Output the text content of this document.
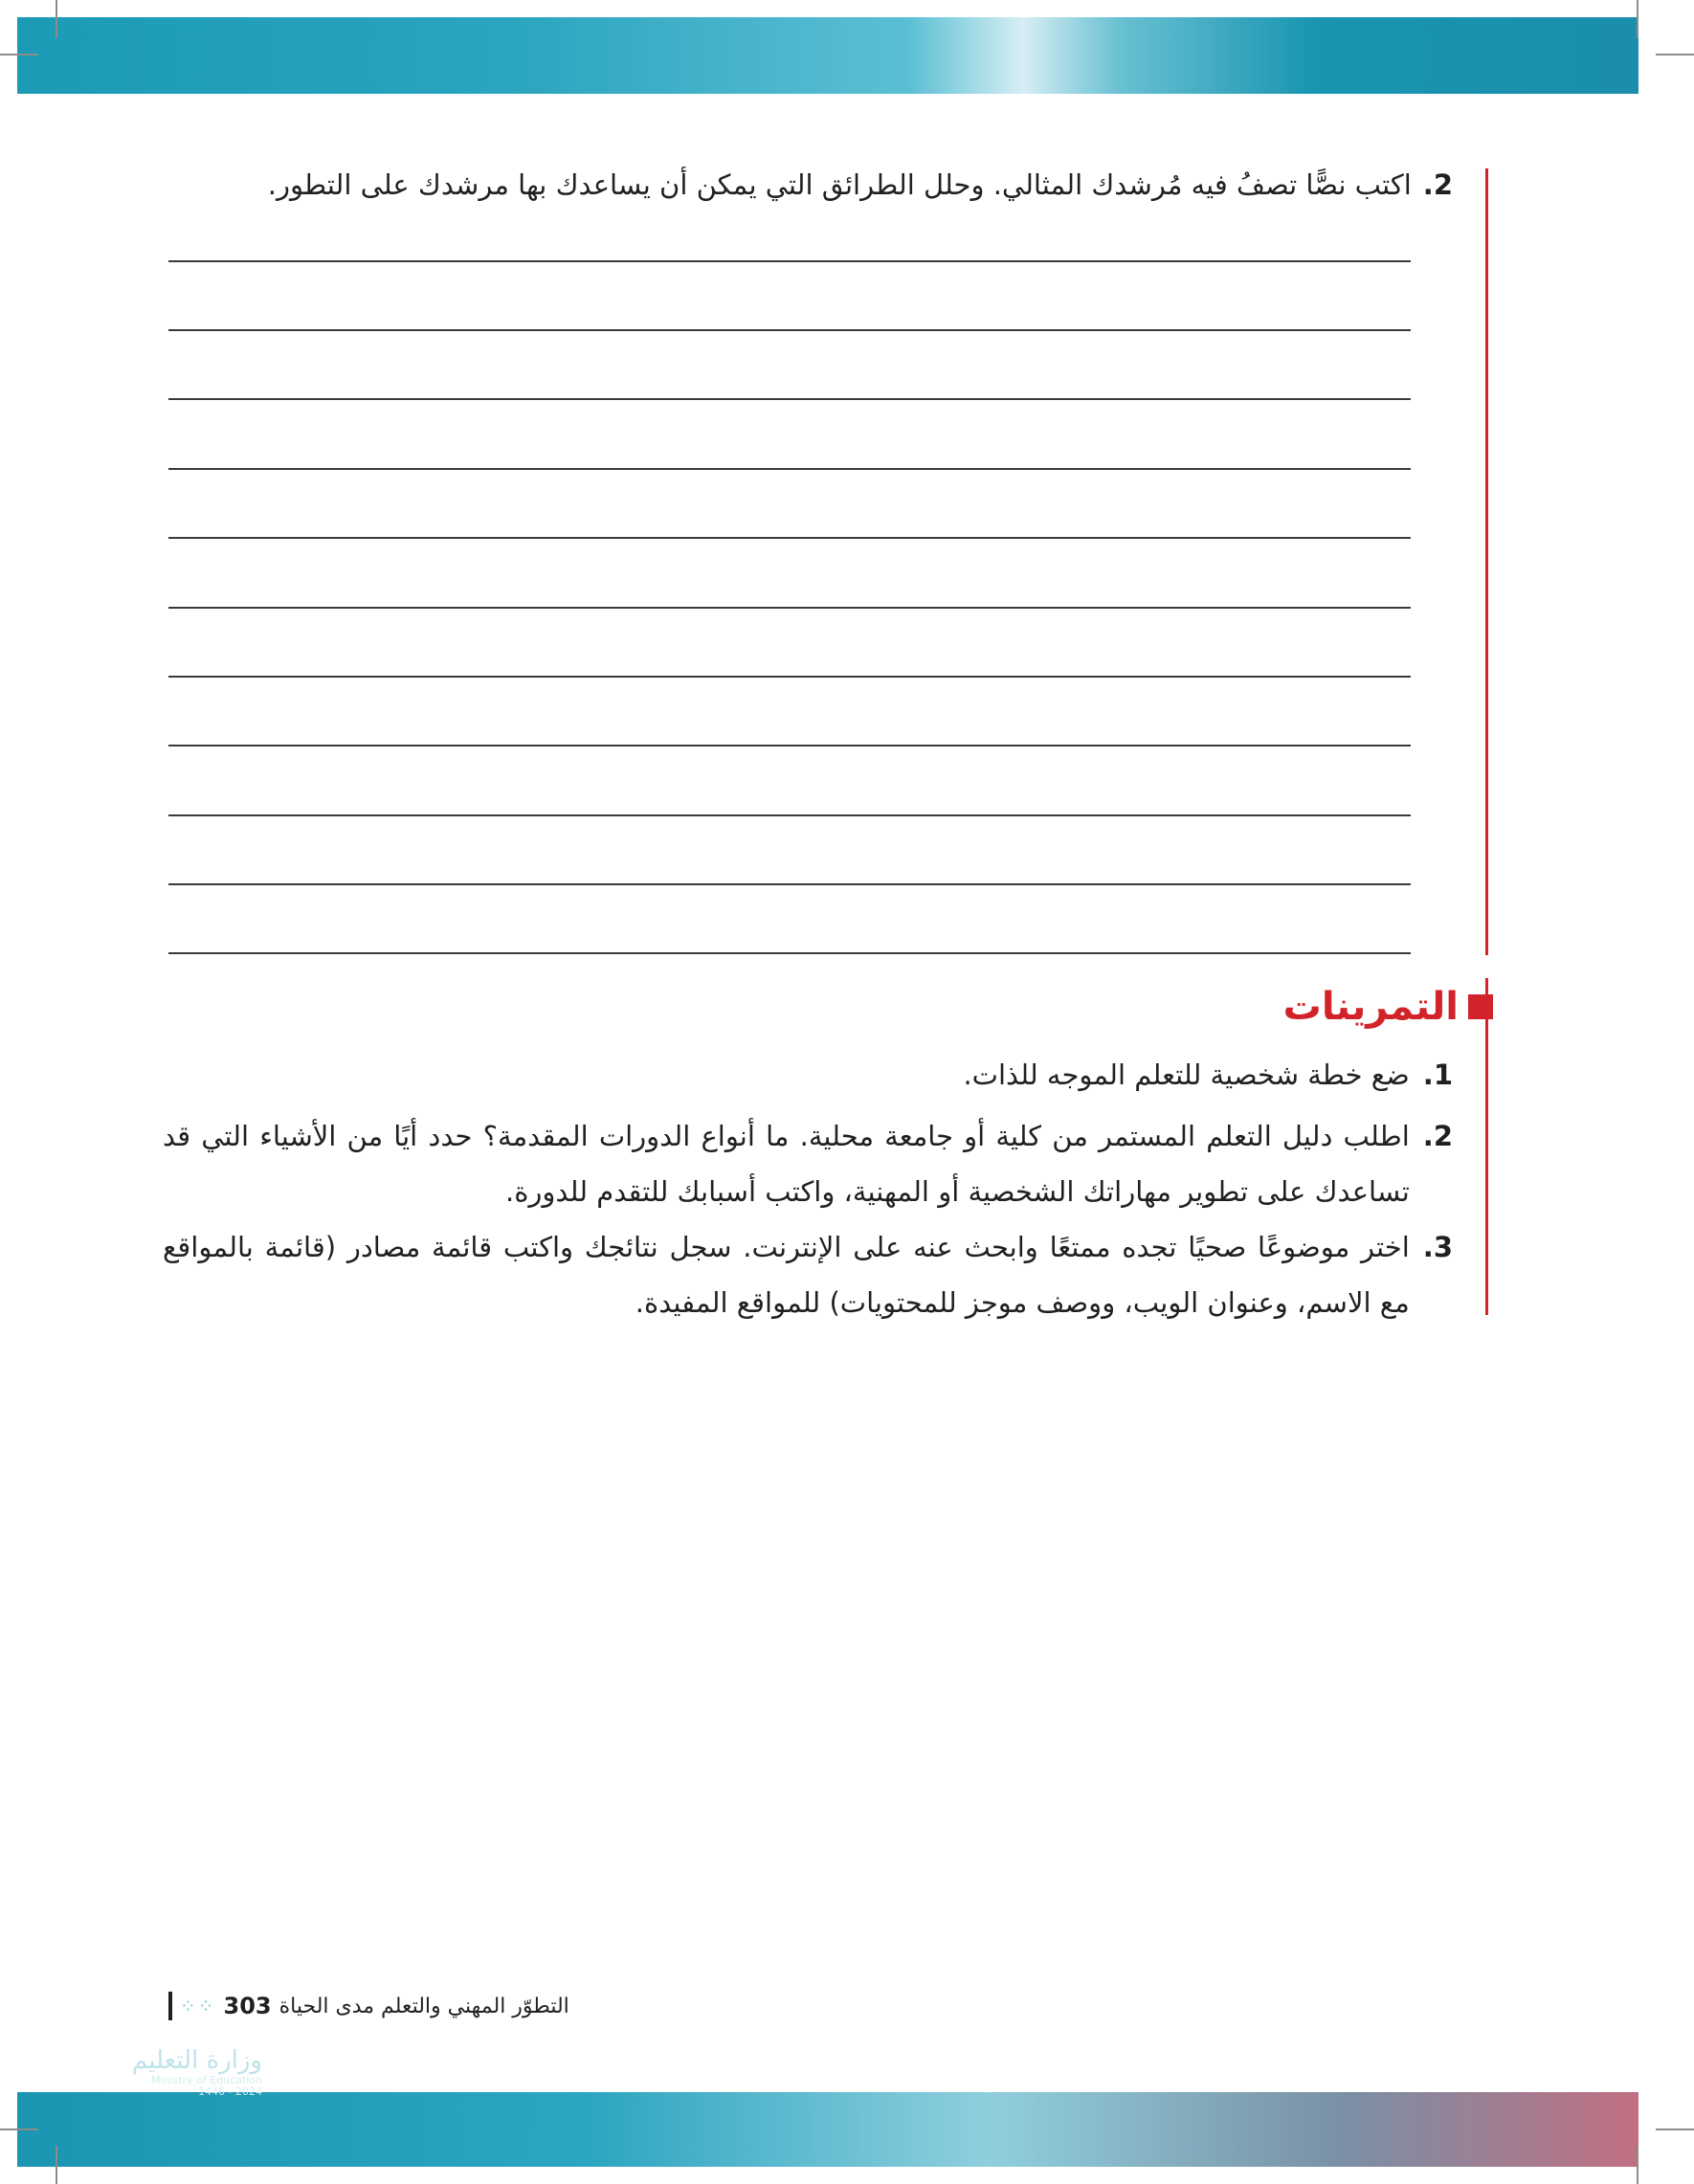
2.اكتب نصًّا تصفُ فيه مُرشدك المثالي. وحلل الطرائق التي يمكن أن يساعدك بها مرشدك على التطور.
التمرينات
1.
ضع خطة شخصية للتعلم الموجه للذات.
2.
اطلب دليل التعلم المستمر من كلية أو جامعة محلية. ما أنواع الدورات المقدمة؟ حدد أيًا من الأشياء التي قد تساعدك على تطوير مهاراتك الشخصية أو المهنية، واكتب أسبابك للتقدم للدورة.
3.
اختر موضوعًا صحيًا تجده ممتعًا وابحث عنه على الإنترنت. سجل نتائجك واكتب قائمة مصادر (قائمة بالمواقع مع الاسم، وعنوان الويب، ووصف موجز للمحتويات) للمواقع المفيدة.
التطوّر المهني والتعلم مدى الحياة
303
⁘⁘
وزارة التعليم
Ministry of Education
2024 - 1446
